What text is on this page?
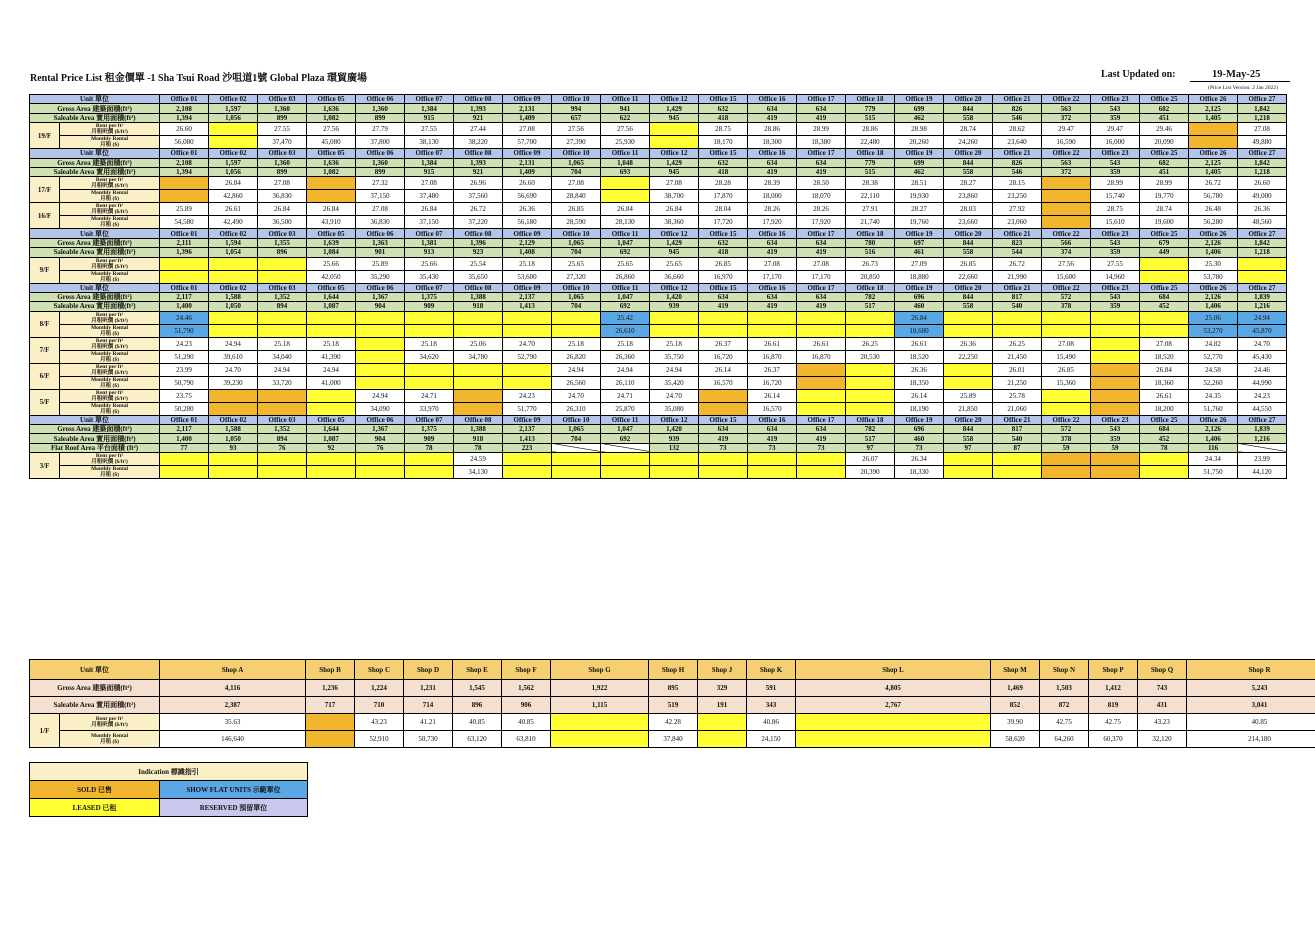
Rental Price List 租金價單 -1 Sha Tsui Road 沙咀道1號 Global Plaza 環貿廣場	Last Updated on:	19-May-25
(Price List Version: 2 Jan 2022)
Unit 單位		Office 01	Office 02	Office 03	Office 05	Office 06	Office 07	Office 08	Office 09	Office 10	Office 11	Office 12	Office 15	Office 16	Office 17	Office 18	Office 19	Office 20	Office 21	Office 22	Office 23	Office 25	Office 26	Office 27
Gross Area 建築面積(ft²)		2,108	1,597	1,360	1,636	1,360	1,384	1,393	2,131	994	941	1,429	632	634	634	779	699	844	826	563	543	682	2,125	1,842
Saleable Area 實用面積(ft²)		1,394	1,056	899	1,082	899	915	921	1,409	657	622	945	418	419	419	515	462	558	546	372	359	451	1,405	1,218
19/F	Rent per ft²
月租呎價 ($/ft²)	26.60		27.55	27.56	27.79	27.55	27.44	27.08	27.56	27.56		28.75	28.86	28.99	28.86	28.98	28.74	28.62	29.47	29.47	29.46		27.08

	Monthly Rental
月租 ($)	56,080		37,470	45,080	37,800	38,130	38,220	57,700	27,390	25,930		18,170	18,300	18,380	22,480	20,260	24,260	23,640	16,590	16,000	20,090		49,880
Unit 單位		Office 01	Office 02	Office 03	Office 05	Office 06	Office 07	Office 08	Office 09	Office 10	Office 11	Office 12	Office 15	Office 16	Office 17	Office 18	Office 19	Office 20	Office 21	Office 22	Office 23	Office 25	Office 26	Office 27
Gross Area 建築面積(ft²)		2,108	1,597	1,360	1,636	1,360	1,384	1,393	2,131	1,065	1,048	1,429	632	634	634	779	699	844	826	563	543	682	2,125	1,842
Saleable Area 實用面積(ft²)		1,394	1,056	899	1,082	899	915	921	1,409	704	693	945	418	419	419	515	462	558	546	372	359	451	1,405	1,218
17/F	Rent per ft²
月租呎價 ($/ft²)		26.84	27.08		27.32	27.08	26.96	26.60	27.08		27.08	28.28	28.39	28.50	28.38	28.51	28.27	28.15		28.99	28.99	26.72	26.60

	Monthly Rental
月租 ($)		42,860	36,830		37,150	37,480	37,560	56,690	28,840		38,700	17,870	18,000	18,070	22,110	19,930	23,860	23,250		15,740	19,770	56,780	49,000
16/F	Rent per ft²
月租呎價 ($/ft²)	25.89	26.61	26.84	26.84	27.08	26.84	26.72	26.36	26.85	26.84	26.84	28.04	28.26	28.26	27.91	28.27	28.03	27.92		28.75	28.74	26.48	26.36

	Monthly Rental
月租 ($)	54,580	42,490	36,500	43,910	36,830	37,150	37,220	56,180	28,590	28,130	38,360	17,720	17,920	17,920	21,740	19,760	23,660	23,060		15,610	19,600	56,280	48,560
Unit 單位		Office 01	Office 02	Office 03	Office 05	Office 06	Office 07	Office 08	Office 09	Office 10	Office 11	Office 12	Office 15	Office 16	Office 17	Office 18	Office 19	Office 20	Office 21	Office 22	Office 23	Office 25	Office 26	Office 27
Gross Area 建築面積(ft²)		2,111	1,594	1,355	1,639	1,363	1,381	1,396	2,129	1,065	1,047	1,429	632	634	634	780	697	844	823	566	543	679	2,126	1,842
Saleable Area 實用面積(ft²)		1,396	1,054	896	1,084	901	913	923	1,408	704	692	945	418	419	419	516	461	558	544	374	359	449	1,406	1,218
9/F	Rent per ft²
月租呎價 ($/ft²)				25.66	25.89	25.66	25.54	25.18	25.65	25.65	25.65	26.85	27.08	27.08	26.73	27.09	26.85	26.72	27.56	27.55		25.30	

	Monthly Rental
月租 ($)				42,050	35,290	35,430	35,650	53,600	27,320	26,860	36,660	16,970	17,170	17,170	20,850	18,880	22,660	21,990	15,600	14,960		53,780	
Unit 單位		Office 01	Office 02	Office 03	Office 05	Office 06	Office 07	Office 08	Office 09	Office 10	Office 11	Office 12	Office 15	Office 16	Office 17	Office 18	Office 19	Office 20	Office 21	Office 22	Office 23	Office 25	Office 26	Office 27
Gross Area 建築面積(ft²)		2,117	1,588	1,352	1,644	1,367	1,375	1,388	2,137	1,065	1,047	1,420	634	634	634	782	696	844	817	572	543	684	2,126	1,839
Saleable Area 實用面積(ft²)		1,400	1,050	894	1,087	904	909	918	1,413	704	692	939	419	419	419	517	460	558	540	378	359	452	1,406	1,216
8/F	Rent per ft²
月租呎價 ($/ft²)	24.46									25.42						26.84						25.06	24.94

	Monthly Rental
月租 ($)	51,790									26,610						18,680						53,270	45,870
7/F	Rent per ft²
月租呎價 ($/ft²)	24.23	24.94	25.18	25.18		25.18	25.06	24.70	25.18	25.18	25.18	26.37	26.61	26.61	26.25	26.61	26.36	26.25	27.08		27.08	24.82	24.70

	Monthly Rental
月租 ($)	51,290	39,610	34,040	41,390		34,620	34,780	52,790	26,820	26,360	35,750	16,720	16,870	16,870	20,530	18,520	22,250	21,450	15,490		18,520	52,770	45,430
6/F	Rent per ft²
月租呎價 ($/ft²)	23.99	24.70	24.94	24.94					24.94	24.94	24.94	26.14	26.37			26.36		26.01	26.85		26.84	24.58	24.46

	Monthly Rental
月租 ($)	50,790	39,230	33,720	41,000					26,560	26,110	35,420	16,570	16,720			18,350		21,250	15,360		18,360	52,260	44,990
5/F	Rent per ft²
月租呎價 ($/ft²)	23.75				24.94	24.71		24.23	24.70	24.71	24.70		26.14			26.14	25.89	25.78			26.61	24.35	24.23

	Monthly Rental
月租 ($)	50,280				34,090	33,970		51,770	26,310	25,870	35,080		16,570			18,190	21,850	21,060			18,200	51,760	44,550
Unit 單位		Office 01	Office 02	Office 03	Office 05	Office 06	Office 07	Office 08	Office 09	Office 10	Office 11	Office 12	Office 15	Office 16	Office 17	Office 18	Office 19	Office 20	Office 21	Office 22	Office 23	Office 25	Office 26	Office 27
Gross Area 建築面積(ft²)		2,117	1,588	1,352	1,644	1,367	1,375	1,388	2,137	1,065	1,047	1,420	634	634	634	782	696	844	817	572	543	684	2,126	1,839
Saleable Area 實用面積(ft²)		1,400	1,050	894	1,087	904	909	918	1,413	704	692	939	419	419	419	517	460	558	540	378	359	452	1,406	1,216
Flat Roof Area 平台面積 (ft²)		77	93	76	92	76	78	78	223			132	73	73	73	97	73	97	87	59	59	78	116	
3/F	Rent per ft²
月租呎價 ($/ft²)							24.59								26.07	26.34						24.34	23.99

	Monthly Rental
月租 ($)							34,130								20,390	18,330						51,750	44,120
Unit 單位		Shop A	Shop B	Shop C	Shop D	Shop E	Shop F	Shop G	Shop H	Shop J	Shop K	Shop L	Shop M	Shop N	Shop P	Shop Q	Shop R
Gross Area 建築面積(ft²)		4,116	1,236	1,224	1,231	1,545	1,562	1,922	895	329	591	4,805	1,469	1,503	1,412	743	5,243
Saleable Area 實用面積(ft²)		2,387	717	710	714	896	906	1,115	519	191	343	2,767	852	872	819	431	3,041
1/F	Rent per ft²
月租呎價 ($/ft²)	35.63		43.23	41.21	40.85	40.85		42.28		40.86		39.90	42.75	42.75	43.23	40.85

	Monthly Rental
月租 ($)	146,640		52,910	50,730	63,120	63,810		37,840		24,150		58,620	64,260	60,370	32,120	214,180
Indication 標識指引	
SOLD 已售	SHOW FLAT UNITS 示範單位
LEASED 已租	RESERVED 預留單位
